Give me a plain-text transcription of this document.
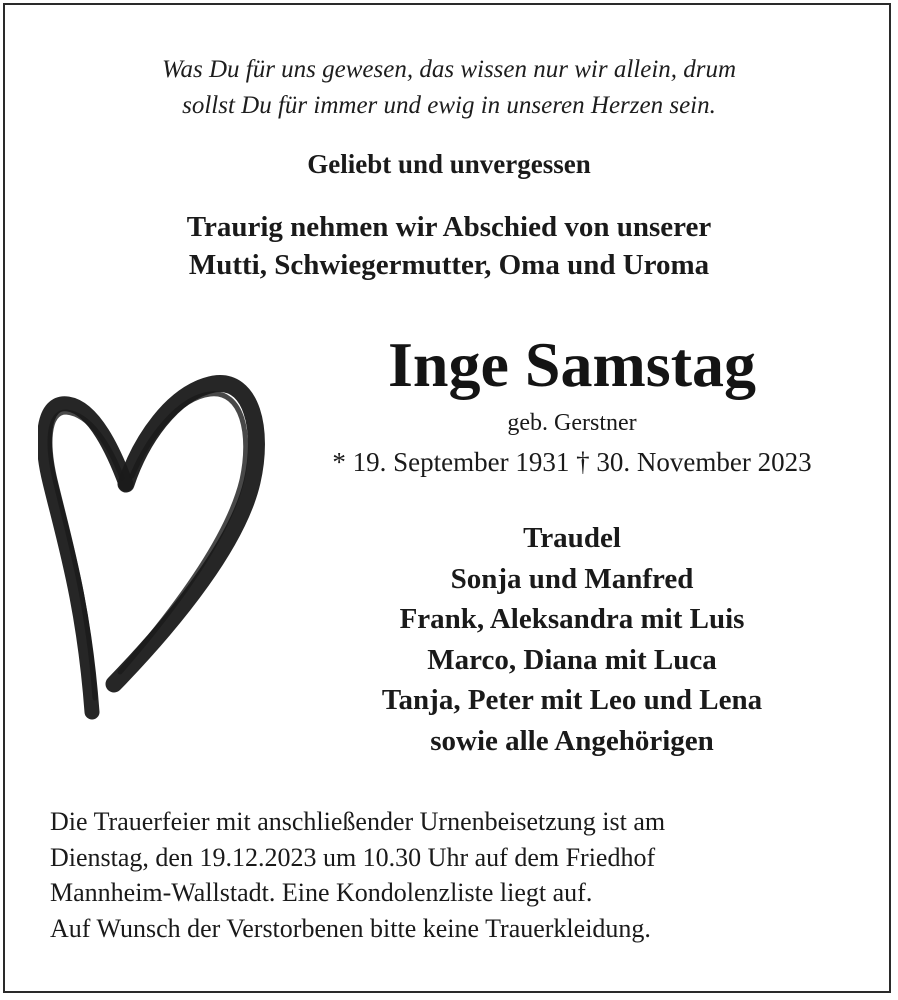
Was Du für uns gewesen, das wissen nur wir allein, drum
sollst Du für immer und ewig in unseren Herzen sein.
Geliebt und unvergessen
Traurig nehmen wir Abschied von unserer
Mutti, Schwiegermutter, Oma und Uroma
Inge Samstag
geb. Gerstner
* 19. September 1931 † 30. November 2023
Traudel
Sonja und Manfred
Frank, Aleksandra mit Luis
Marco, Diana mit Luca
Tanja, Peter mit Leo und Lena
sowie alle Angehörigen
Die Trauerfeier mit anschließender Urnenbeisetzung ist am
Dienstag, den 19.12.2023 um 10.30 Uhr auf dem Friedhof
Mannheim-Wallstadt. Eine Kondolenzliste liegt auf.
Auf Wunsch der Verstorbenen bitte keine Trauerkleidung.
